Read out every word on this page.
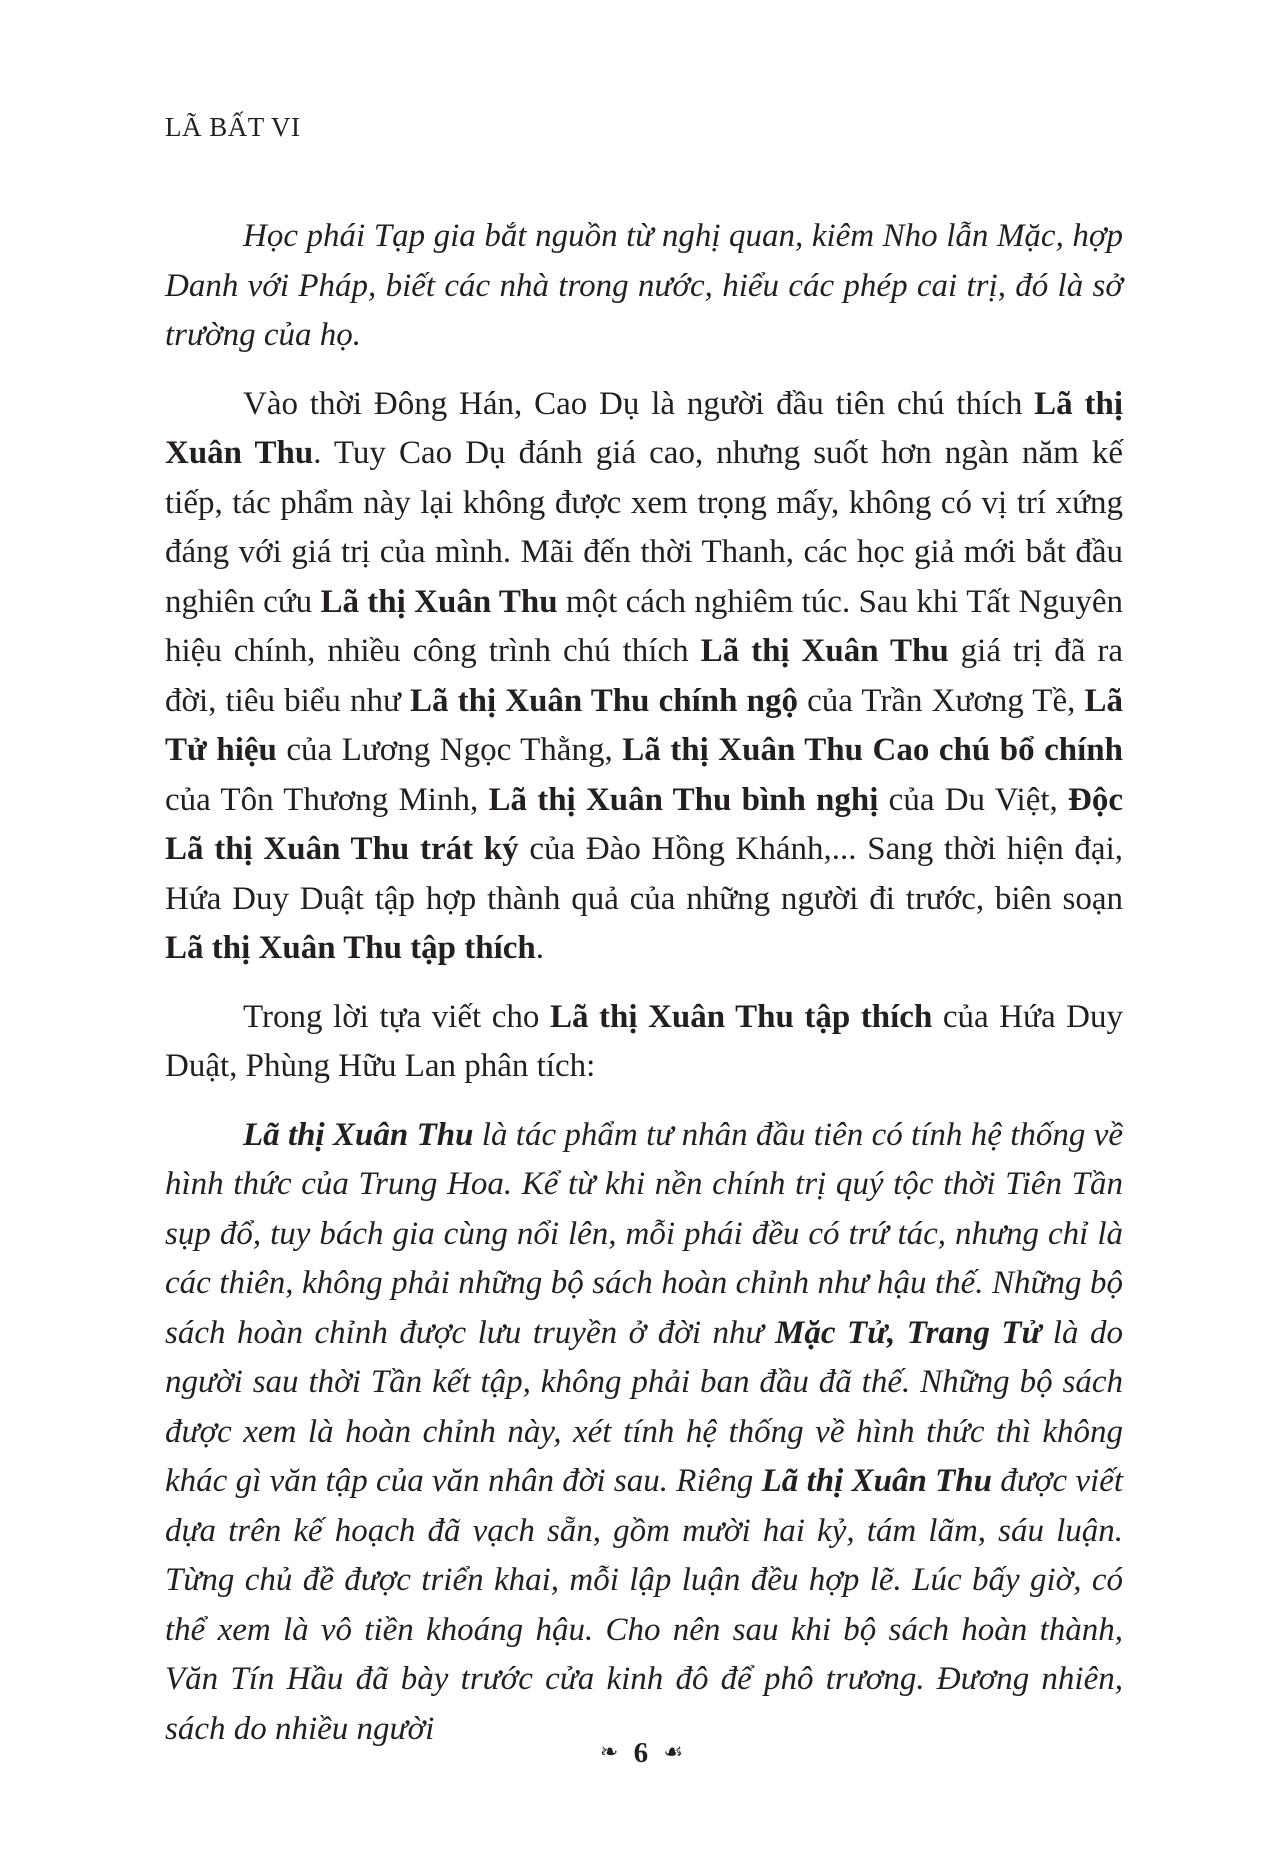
LÃ BẤT VI

Học phái Tạp gia bắt nguồn từ nghị quan, kiêm Nho lẫn Mặc, hợp Danh với Pháp, biết các nhà trong nước, hiểu các phép cai trị, đó là sở trường của họ.

Vào thời Đông Hán, Cao Dụ là người đầu tiên chú thích Lã thị Xuân Thu. Tuy Cao Dụ đánh giá cao, nhưng suốt hơn ngàn năm kế tiếp, tác phẩm này lại không được xem trọng mấy, không có vị trí xứng đáng với giá trị của mình. Mãi đến thời Thanh, các học giả mới bắt đầu nghiên cứu Lã thị Xuân Thu một cách nghiêm túc. Sau khi Tất Nguyên hiệu chính, nhiều công trình chú thích Lã thị Xuân Thu giá trị đã ra đời, tiêu biểu như Lã thị Xuân Thu chính ngộ của Trần Xương Tề, Lã Tử hiệu của Lương Ngọc Thằng, Lã thị Xuân Thu Cao chú bổ chính của Tôn Thương Minh, Lã thị Xuân Thu bình nghị của Du Việt, Độc Lã thị Xuân Thu trát ký của Đào Hồng Khánh,... Sang thời hiện đại, Hứa Duy Duật tập hợp thành quả của những người đi trước, biên soạn Lã thị Xuân Thu tập thích.

Trong lời tựa viết cho Lã thị Xuân Thu tập thích của Hứa Duy Duật, Phùng Hữu Lan phân tích:

Lã thị Xuân Thu là tác phẩm tư nhân đầu tiên có tính hệ thống về hình thức của Trung Hoa. Kể từ khi nền chính trị quý tộc thời Tiên Tần sụp đổ, tuy bách gia cùng nổi lên, mỗi phái đều có trứ tác, nhưng chỉ là các thiên, không phải những bộ sách hoàn chỉnh như hậu thế. Những bộ sách hoàn chỉnh được lưu truyền ở đời như Mặc Tử, Trang Tử là do người sau thời Tần kết tập, không phải ban đầu đã thế. Những bộ sách được xem là hoàn chỉnh này, xét tính hệ thống về hình thức thì không khác gì văn tập của văn nhân đời sau. Riêng Lã thị Xuân Thu được viết dựa trên kế hoạch đã vạch sẵn, gồm mười hai kỷ, tám lãm, sáu luận. Từng chủ đề được triển khai, mỗi lập luận đều hợp lẽ. Lúc bấy giờ, có thể xem là vô tiền khoáng hậu. Cho nên sau khi bộ sách hoàn thành, Văn Tín Hầu đã bày trước cửa kinh đô để phô trương. Đương nhiên, sách do nhiều người

❧ 6 ☙
